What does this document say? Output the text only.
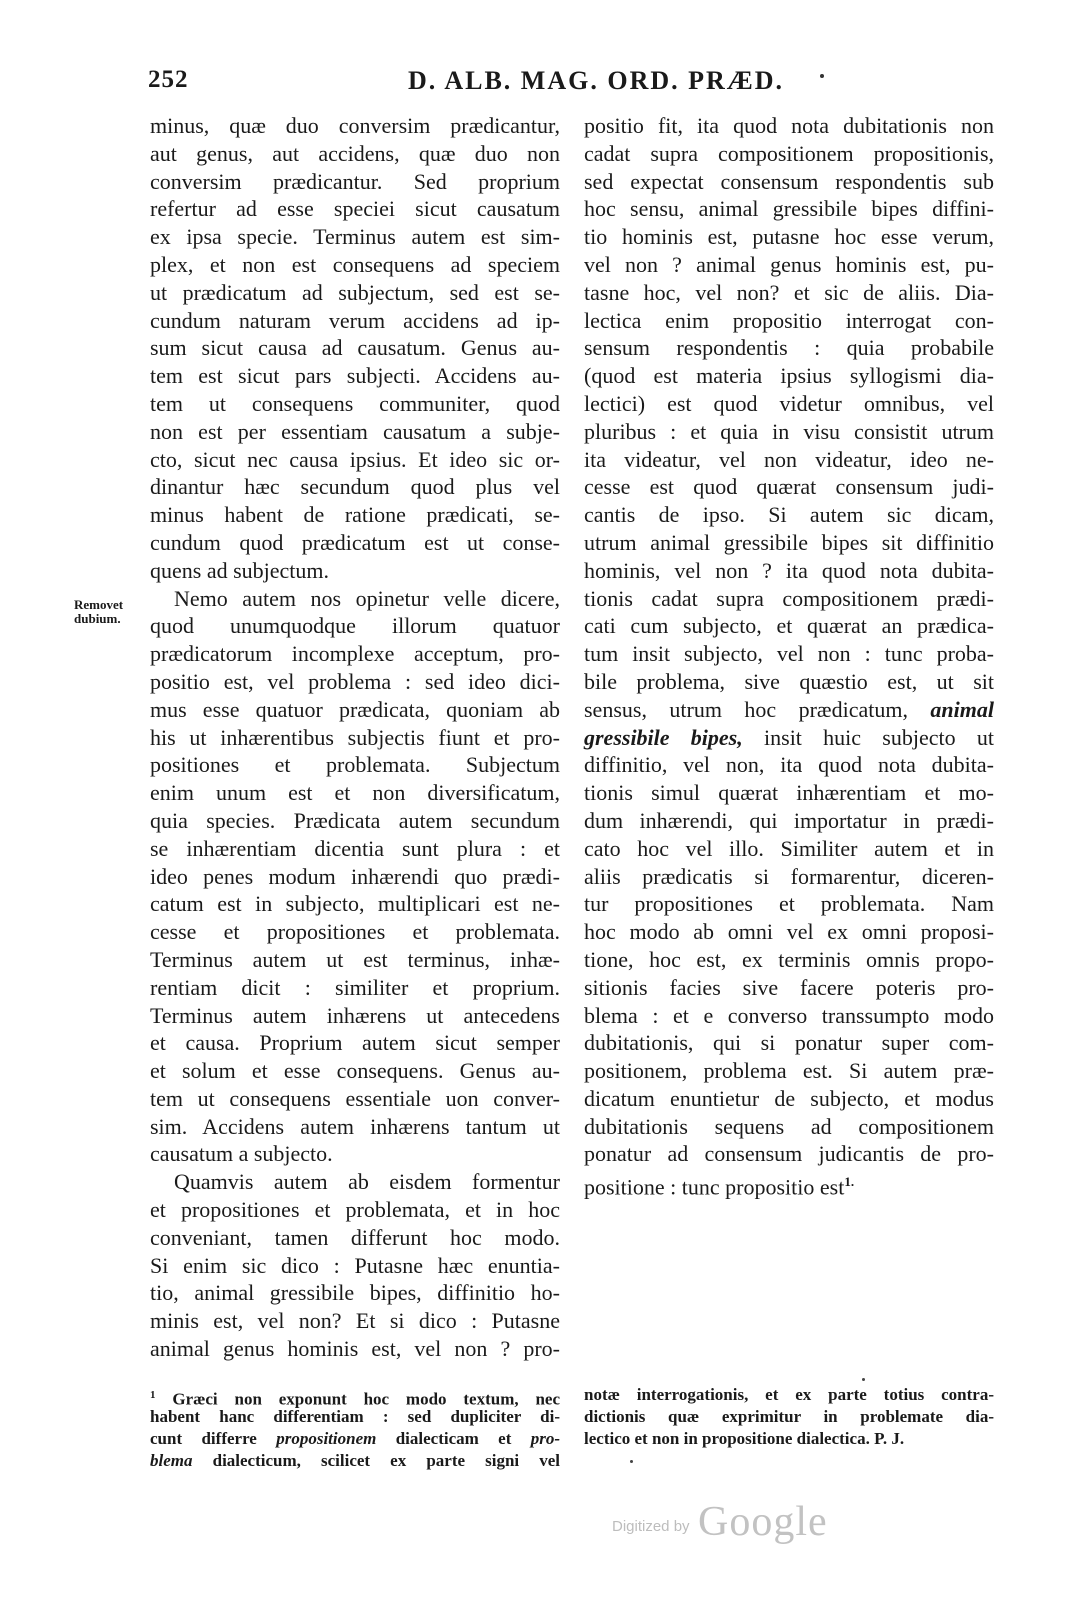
252	D. ALB. MAG. ORD. PRÆD.
Removet
dubium.
minus, quæ duo conversim prædicantur,
aut genus, aut accidens, quæ duo non
conversim prædicantur. Sed proprium
refertur ad esse speciei sicut causatum
ex ipsa specie. Terminus autem est sim-
plex, et non est consequens ad speciem
ut prædicatum ad subjectum, sed est se-
cundum naturam verum accidens ad ip-
sum sicut causa ad causatum. Genus au-
tem est sicut pars subjecti. Accidens au-
tem ut consequens communiter, quod
non est per essentiam causatum a subje-
cto, sicut nec causa ipsius. Et ideo sic or-
dinantur hæc secundum quod plus vel
minus habent de ratione prædicati, se-
cundum quod prædicatum est ut conse-
quens ad subjectum.
Nemo autem nos opinetur velle dicere,
quod unumquodque illorum quatuor
prædicatorum incomplexe acceptum, pro-
positio est, vel problema : sed ideo dici-
mus esse quatuor prædicata, quoniam ab
his ut inhærentibus subjectis fiunt et pro-
positiones et problemata. Subjectum
enim unum est et non diversificatum,
quia species. Prædicata autem secundum
se inhærentiam dicentia sunt plura : et
ideo penes modum inhærendi quo prædi-
catum est in subjecto, multiplicari est ne-
cesse et propositiones et problemata.
Terminus autem ut est terminus, inhæ-
rentiam dicit : similiter et proprium.
Terminus autem inhærens ut antecedens
et causa. Proprium autem sicut semper
et solum et esse consequens. Genus au-
tem ut consequens essentiale uon conver-
sim. Accidens autem inhærens tantum ut
causatum a subjecto.
Quamvis autem ab eisdem formentur
et propositiones et problemata, et in hoc
conveniant, tamen differunt hoc modo.
Si enim sic dico : Putasne hæc enuntia-
tio, animal gressibile bipes, diffinitio ho-
minis est, vel non? Et si dico : Putasne
animal genus hominis est, vel non ? pro-
positio fit, ita quod nota dubitationis non
cadat supra compositionem propositionis,
sed expectat consensum respondentis sub
hoc sensu, animal gressibile bipes diffini-
tio hominis est, putasne hoc esse verum,
vel non ? animal genus hominis est, pu-
tasne hoc, vel non? et sic de aliis. Dia-
lectica enim propositio interrogat con-
sensum respondentis : quia probabile
(quod est materia ipsius syllogismi dia-
lectici) est quod videtur omnibus, vel
pluribus : et quia in visu consistit utrum
ita videatur, vel non videatur, ideo ne-
cesse est quod quærat consensum judi-
cantis de ipso. Si autem sic dicam,
utrum animal gressibile bipes sit diffinitio
hominis, vel non ? ita quod nota dubita-
tionis cadat supra compositionem prædi-
cati cum subjecto, et quærat an prædica-
tum insit subjecto, vel non : tunc proba-
bile problema, sive quæstio est, ut sit
sensus, utrum hoc prædicatum, animal
gressibile bipes, insit huic subjecto ut
diffinitio, vel non, ita quod nota dubita-
tionis simul quærat inhærentiam et mo-
dum inhærendi, qui importatur in prædi-
cato hoc vel illo. Similiter autem et in
aliis prædicatis si formarentur, diceren-
tur propositiones et problemata. Nam
hoc modo ab omni vel ex omni proposi-
tione, hoc est, ex terminis omnis propo-
sitionis facies sive facere poteris pro-
blema : et e converso transsumpto modo
dubitationis, qui si ponatur super com-
positionem, problema est. Si autem præ-
dicatum enuntietur de subjecto, et modus
dubitationis sequens ad compositionem
ponatur ad consensum judicantis de pro-
positione : tunc propositio est$^{1.}$
$^1$ Græci non exponunt hoc modo textum, nec
habent hanc differentiam : sed dupliciter di-
cunt differre propositionem dialecticam et pro-
blema dialecticum, scilicet ex parte signi vel
notæ interrogationis, et ex parte totius contra-
dictionis quæ exprimitur in problemate dia-
lectico et non in propositione dialectica. P. J.
Digitized by Google
